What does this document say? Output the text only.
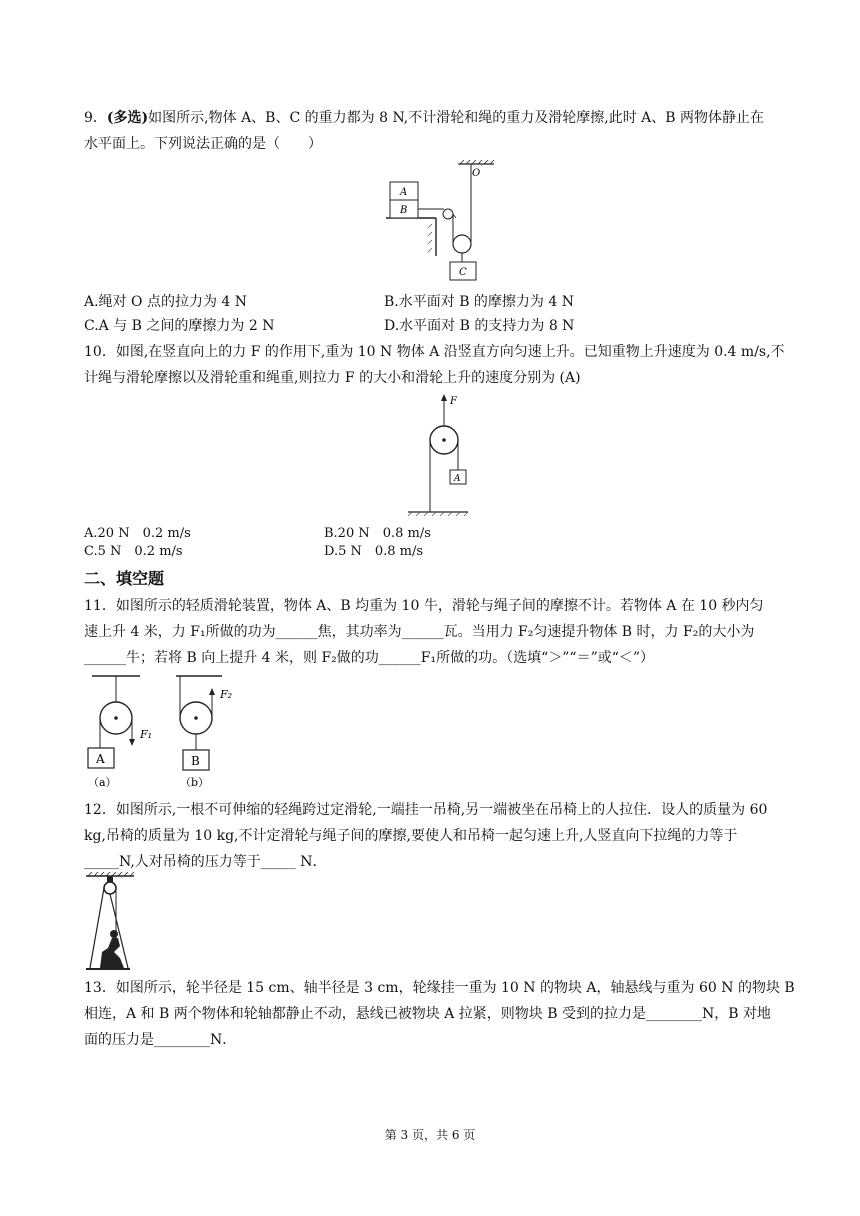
9．(多选)如图所示,物体 A、B、C 的重力都为 8 N,不计滑轮和绳的重力及滑轮摩擦,此时 A、B 两物体静止在
水平面上。下列说法正确的是（　　）
O
A
B
C
A.绳对 O 点的拉力为 4 N	B.水平面对 B 的摩擦力为 4 N
C.A 与 B 之间的摩擦力为 2 N	D.水平面对 B 的支持力为 8 N
10．如图,在竖直向上的力 F 的作用下,重为 10 N 物体 A 沿竖直方向匀速上升。已知重物上升速度为 0.4 m/s,不
计绳与滑轮摩擦以及滑轮重和绳重,则拉力 F 的大小和滑轮上升的速度分别为 (A)
F
A
A.20 N　0.2 m/s	B.20 N　0.8 m/s
C.5 N　0.2 m/s	D.5 N　0.8 m/s
二、填空题
11．如图所示的轻质滑轮装置，物体 A、B 均重为 10 牛，滑轮与绳子间的摩擦不计。若物体 A 在 10 秒内匀
速上升 4 米，力 F₁所做的功为______焦，其功率为______瓦。当用力 F₂匀速提升物体 B 时，力 F₂的大小为
______牛；若将 B 向上提升 4 米，则 F₂做的功______F₁所做的功。（选填“＞”“＝”或“＜”）
F₁
A
（a）
F₂
B
（b）
12．如图所示,一根不可伸缩的轻绳跨过定滑轮,一端挂一吊椅,另一端被坐在吊椅上的人拉住．设人的质量为 60
kg,吊椅的质量为 10 kg,不计定滑轮与绳子间的摩擦,要使人和吊椅一起匀速上升,人竖直向下拉绳的力等于
_____N,人对吊椅的压力等于_____ N．
13．如图所示，轮半径是 15 cm、轴半径是 3 cm，轮缘挂一重为 10 N 的物块 A，轴悬线与重为 60 N 的物块 B
相连，A 和 B 两个物体和轮轴都静止不动，悬线已被物块 A 拉紧，则物块 B 受到的拉力是________N，B 对地
面的压力是________N．
第 3 页，共 6 页
